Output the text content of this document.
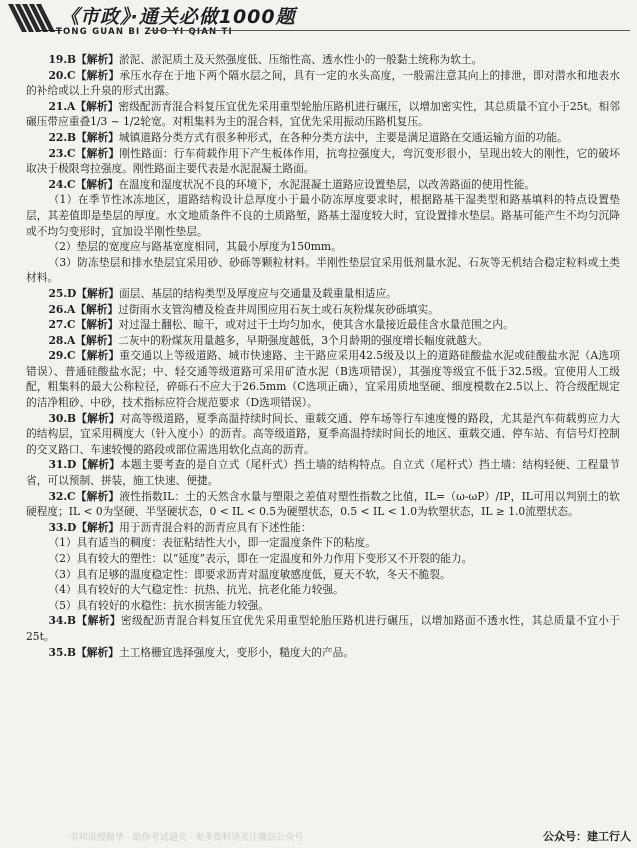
《市政》·通关必做1000题
TONG GUAN BI ZUO YI QIAN TI

19.B【解析】淤泥、淤泥质土及天然强度低、压缩性高、透水性小的一般黏土统称为软土。

20.C【解析】承压水存在于地下两个隔水层之间，具有一定的水头高度，一般需注意其向上的排泄，即对潜水和地表水的补给或以上升泉的形式出露。

21.A【解析】密级配沥青混合料复压宜优先采用重型轮胎压路机进行碾压，以增加密实性，其总质量不宜小于25t。相邻碾压带应重叠1/3 ~ 1/2轮宽。对粗集料为主的混合料，宜优先采用振动压路机复压。

22.B【解析】城镇道路分类方式有很多种形式，在各种分类方法中，主要是满足道路在交通运输方面的功能。

23.C【解析】刚性路面：行车荷载作用下产生板体作用，抗弯拉强度大，弯沉变形很小，呈现出较大的刚性，它的破坏取决于极限弯拉强度。刚性路面主要代表是水泥混凝土路面。

24.C【解析】在温度和湿度状况不良的环境下，水泥混凝土道路应设置垫层，以改善路面的使用性能。

（1）在季节性冰冻地区，道路结构设计总厚度小于最小防冻厚度要求时，根据路基干湿类型和路基填料的特点设置垫层，其差值即是垫层的厚度。水文地质条件不良的土质路堑，路基土湿度较大时，宜设置排水垫层。路基可能产生不均匀沉降或不均匀变形时，宜加设半刚性垫层。

（2）垫层的宽度应与路基宽度相同，其最小厚度为150mm。

（3）防冻垫层和排水垫层宜采用砂、砂砾等颗粒材料。半刚性垫层宜采用低剂量水泥、石灰等无机结合稳定粒料或土类材料。

25.D【解析】面层、基层的结构类型及厚度应与交通量及载重量相适应。

26.A【解析】过街雨水支管沟槽及检查井周围应用石灰土或石灰粉煤灰砂砾填实。

27.C【解析】对过湿土翻松、晾干，或对过干土均匀加水，使其含水量接近最佳含水量范围之内。

28.A【解析】二灰中的粉煤灰用量越多，早期强度越低，3个月龄期的强度增长幅度就越大。

29.C【解析】重交通以上等级道路、城市快速路、主干路应采用42.5级及以上的道路硅酸盐水泥或硅酸盐水泥（A选项错误）、普通硅酸盐水泥；中、轻交通等级道路可采用矿渣水泥（B选项错误），其强度等级宜不低于32.5级。宜使用人工级配，粗集料的最大公称粒径，碎砾石不应大于26.5mm（C选项正确），宜采用质地坚硬、细度模数在2.5以上、符合级配规定的洁净粗砂、中砂，技术指标应符合规范要求（D选项错误）。

30.B【解析】对高等级道路，夏季高温持续时间长、重载交通、停车场等行车速度慢的路段，尤其是汽车荷载剪应力大的结构层，宜采用稠度大（针入度小）的沥青。高等级道路，夏季高温持续时间长的地区、重载交通、停车站、有信号灯控制的交叉路口、车速较慢的路段或部位需选用软化点高的沥青。

31.D【解析】本题主要考查的是自立式（尾杆式）挡土墙的结构特点。自立式（尾杆式）挡土墙：结构轻便、工程量节省，可以预制、拼装，施工快速、便捷。

32.C【解析】液性指数IL：土的天然含水量与塑限之差值对塑性指数之比值，IL=（ω-ωP）/IP，IL可用以判别土的软硬程度；IL < 0为坚硬、半坚硬状态，0 < IL < 0.5为硬塑状态，0.5 < IL < 1.0为软塑状态，IL ≥ 1.0流塑状态。

33.D【解析】用于沥青混合料的沥青应具有下述性能：

（1）具有适当的稠度：表征粘结性大小，即一定温度条件下的粘度。

（2）具有较大的塑性：以“延度”表示，即在一定温度和外力作用下变形又不开裂的能力。

（3）具有足够的温度稳定性：即要求沥青对温度敏感度低，夏天不软，冬天不脆裂。

（4）具有较好的大气稳定性：抗热、抗光、抗老化能力较强。

（5）具有较好的水稳性：抗水损害能力较强。

34.B【解析】密级配沥青混合料复压宜优先采用重型轮胎压路机进行碾压，以增加路面不透水性，其总质量不宜小于25t。

35.B【解析】土工格栅宜选择强度大，变形小，糙度大的产品。

名师讲授精华 · 助你考试通关 · 更多资料请关注微信公众号	公众号：建工行人
